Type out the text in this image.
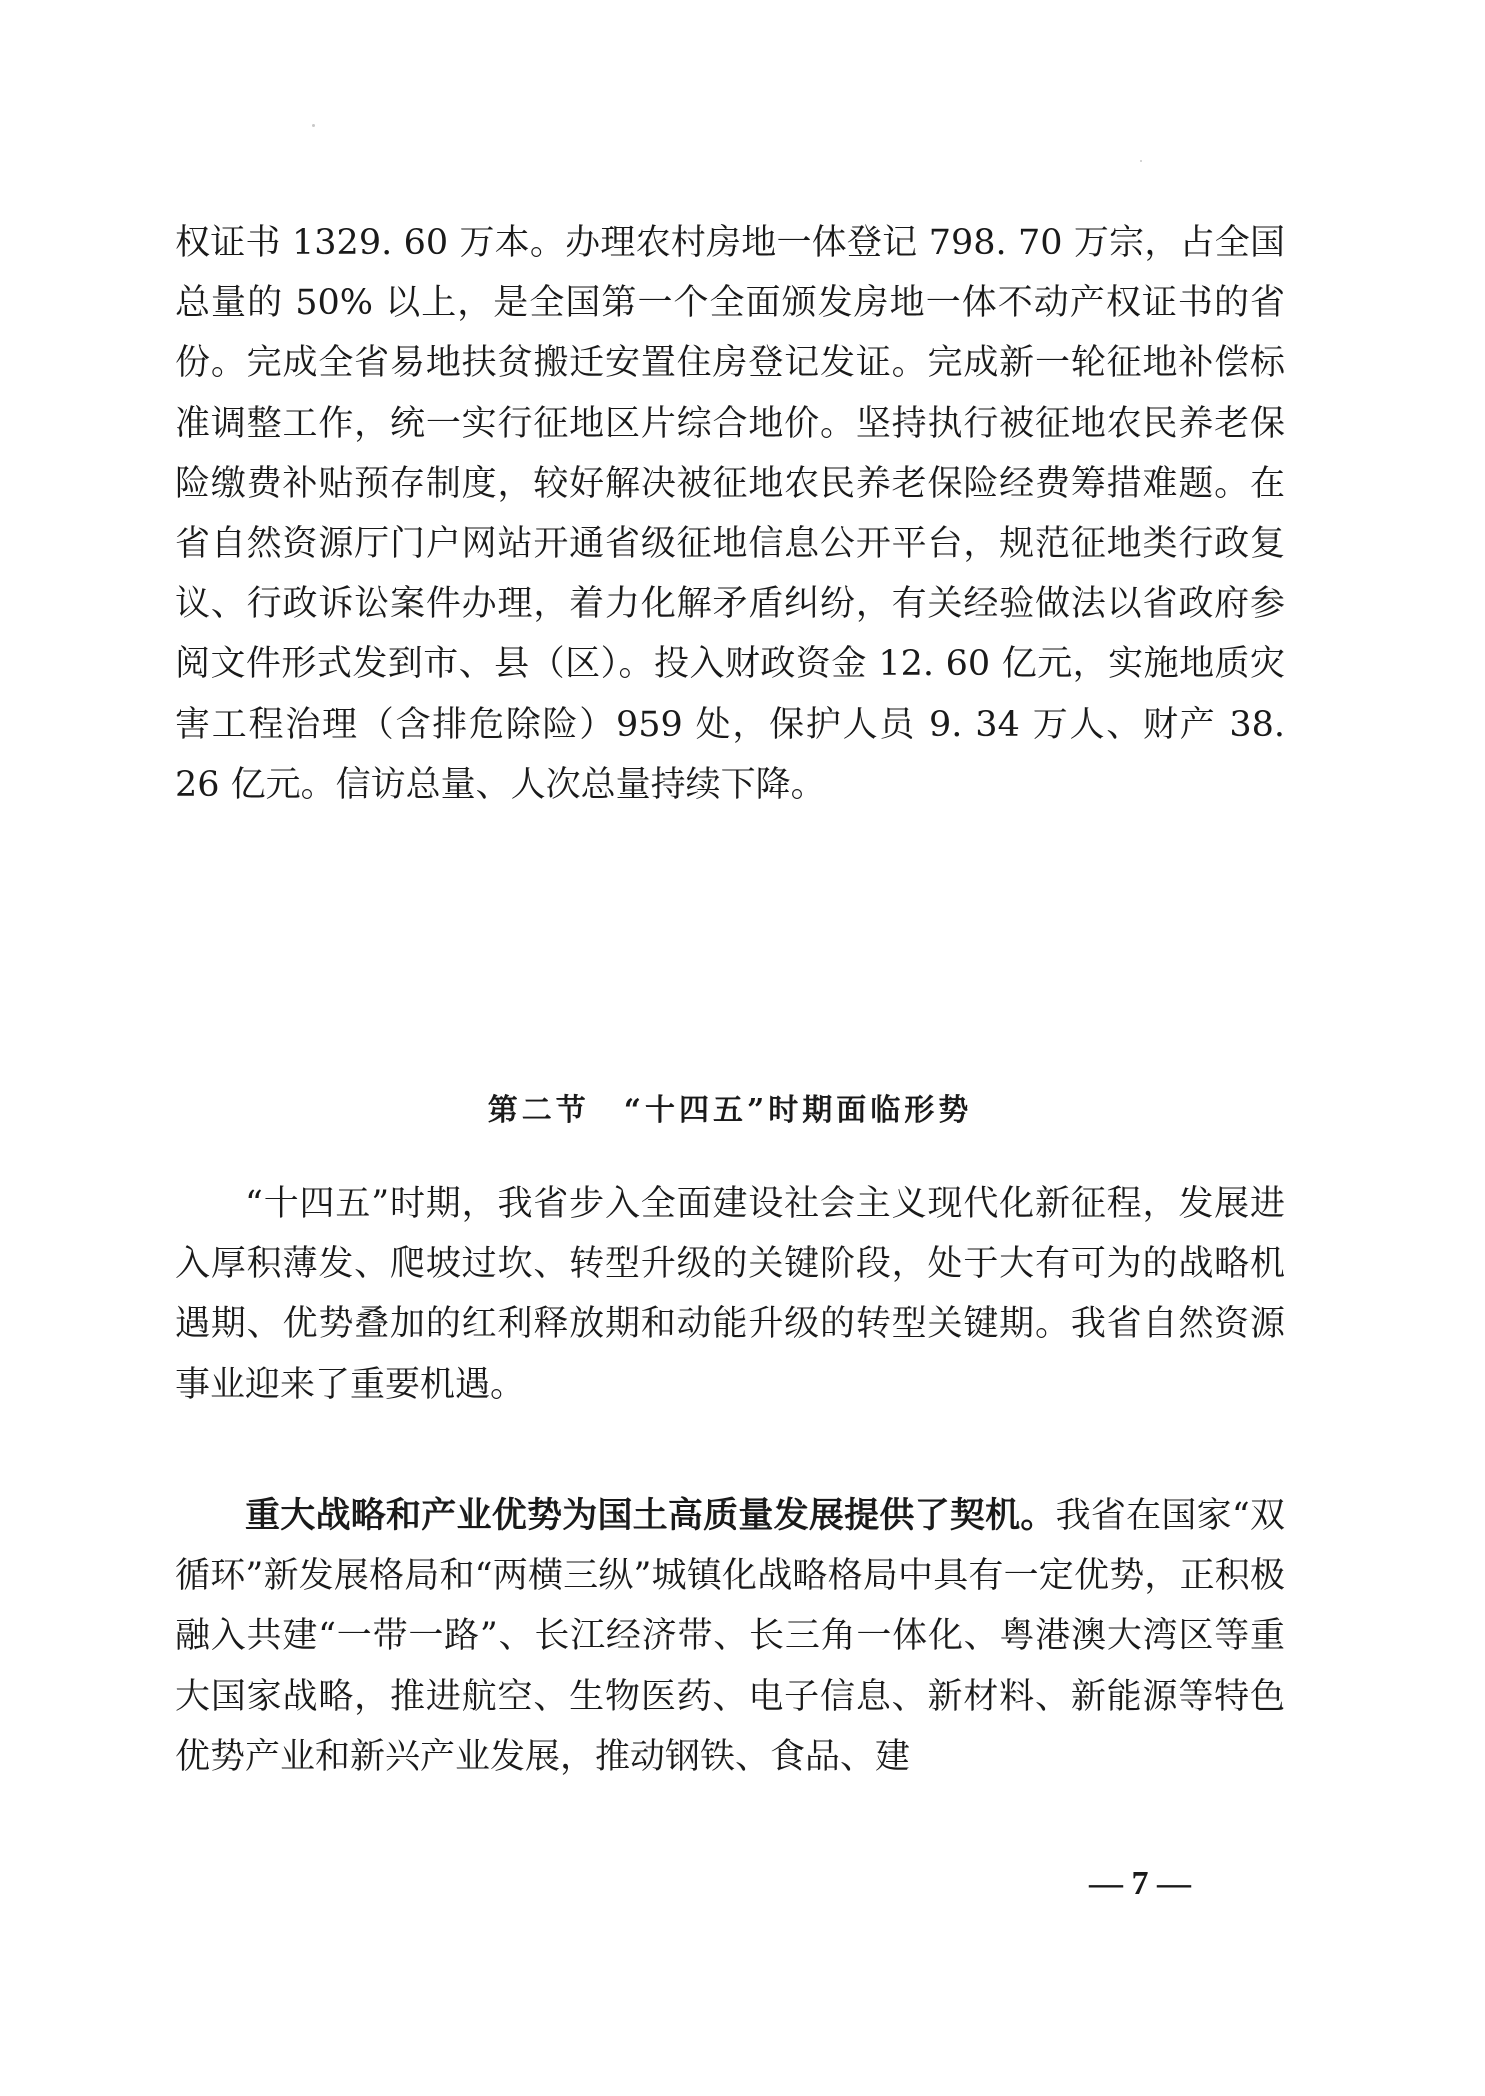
权证书 1329. 60 万本。办理农村房地一体登记 798. 70 万宗，占全国总量的 50% 以上，是全国第一个全面颁发房地一体不动产权证书的省份。完成全省易地扶贫搬迁安置住房登记发证。完成新一轮征地补偿标准调整工作，统一实行征地区片综合地价。坚持执行被征地农民养老保险缴费补贴预存制度，较好解决被征地农民养老保险经费筹措难题。在省自然资源厅门户网站开通省级征地信息公开平台，规范征地类行政复议、行政诉讼案件办理，着力化解矛盾纠纷，有关经验做法以省政府参阅文件形式发到市、县（区）。投入财政资金 12. 60 亿元，实施地质灾害工程治理（含排危除险）959 处，保护人员 9. 34 万人、财产 38. 26 亿元。信访总量、人次总量持续下降。

第二节　“十四五”时期面临形势

“十四五”时期，我省步入全面建设社会主义现代化新征程，发展进入厚积薄发、爬坡过坎、转型升级的关键阶段，处于大有可为的战略机遇期、优势叠加的红利释放期和动能升级的转型关键期。我省自然资源事业迎来了重要机遇。

重大战略和产业优势为国土高质量发展提供了契机。我省在国家“双循环”新发展格局和“两横三纵”城镇化战略格局中具有一定优势，正积极融入共建“一带一路”、长江经济带、长三角一体化、粤港澳大湾区等重大国家战略，推进航空、生物医药、电子信息、新材料、新能源等特色优势产业和新兴产业发展，推动钢铁、食品、建

— 7 —
